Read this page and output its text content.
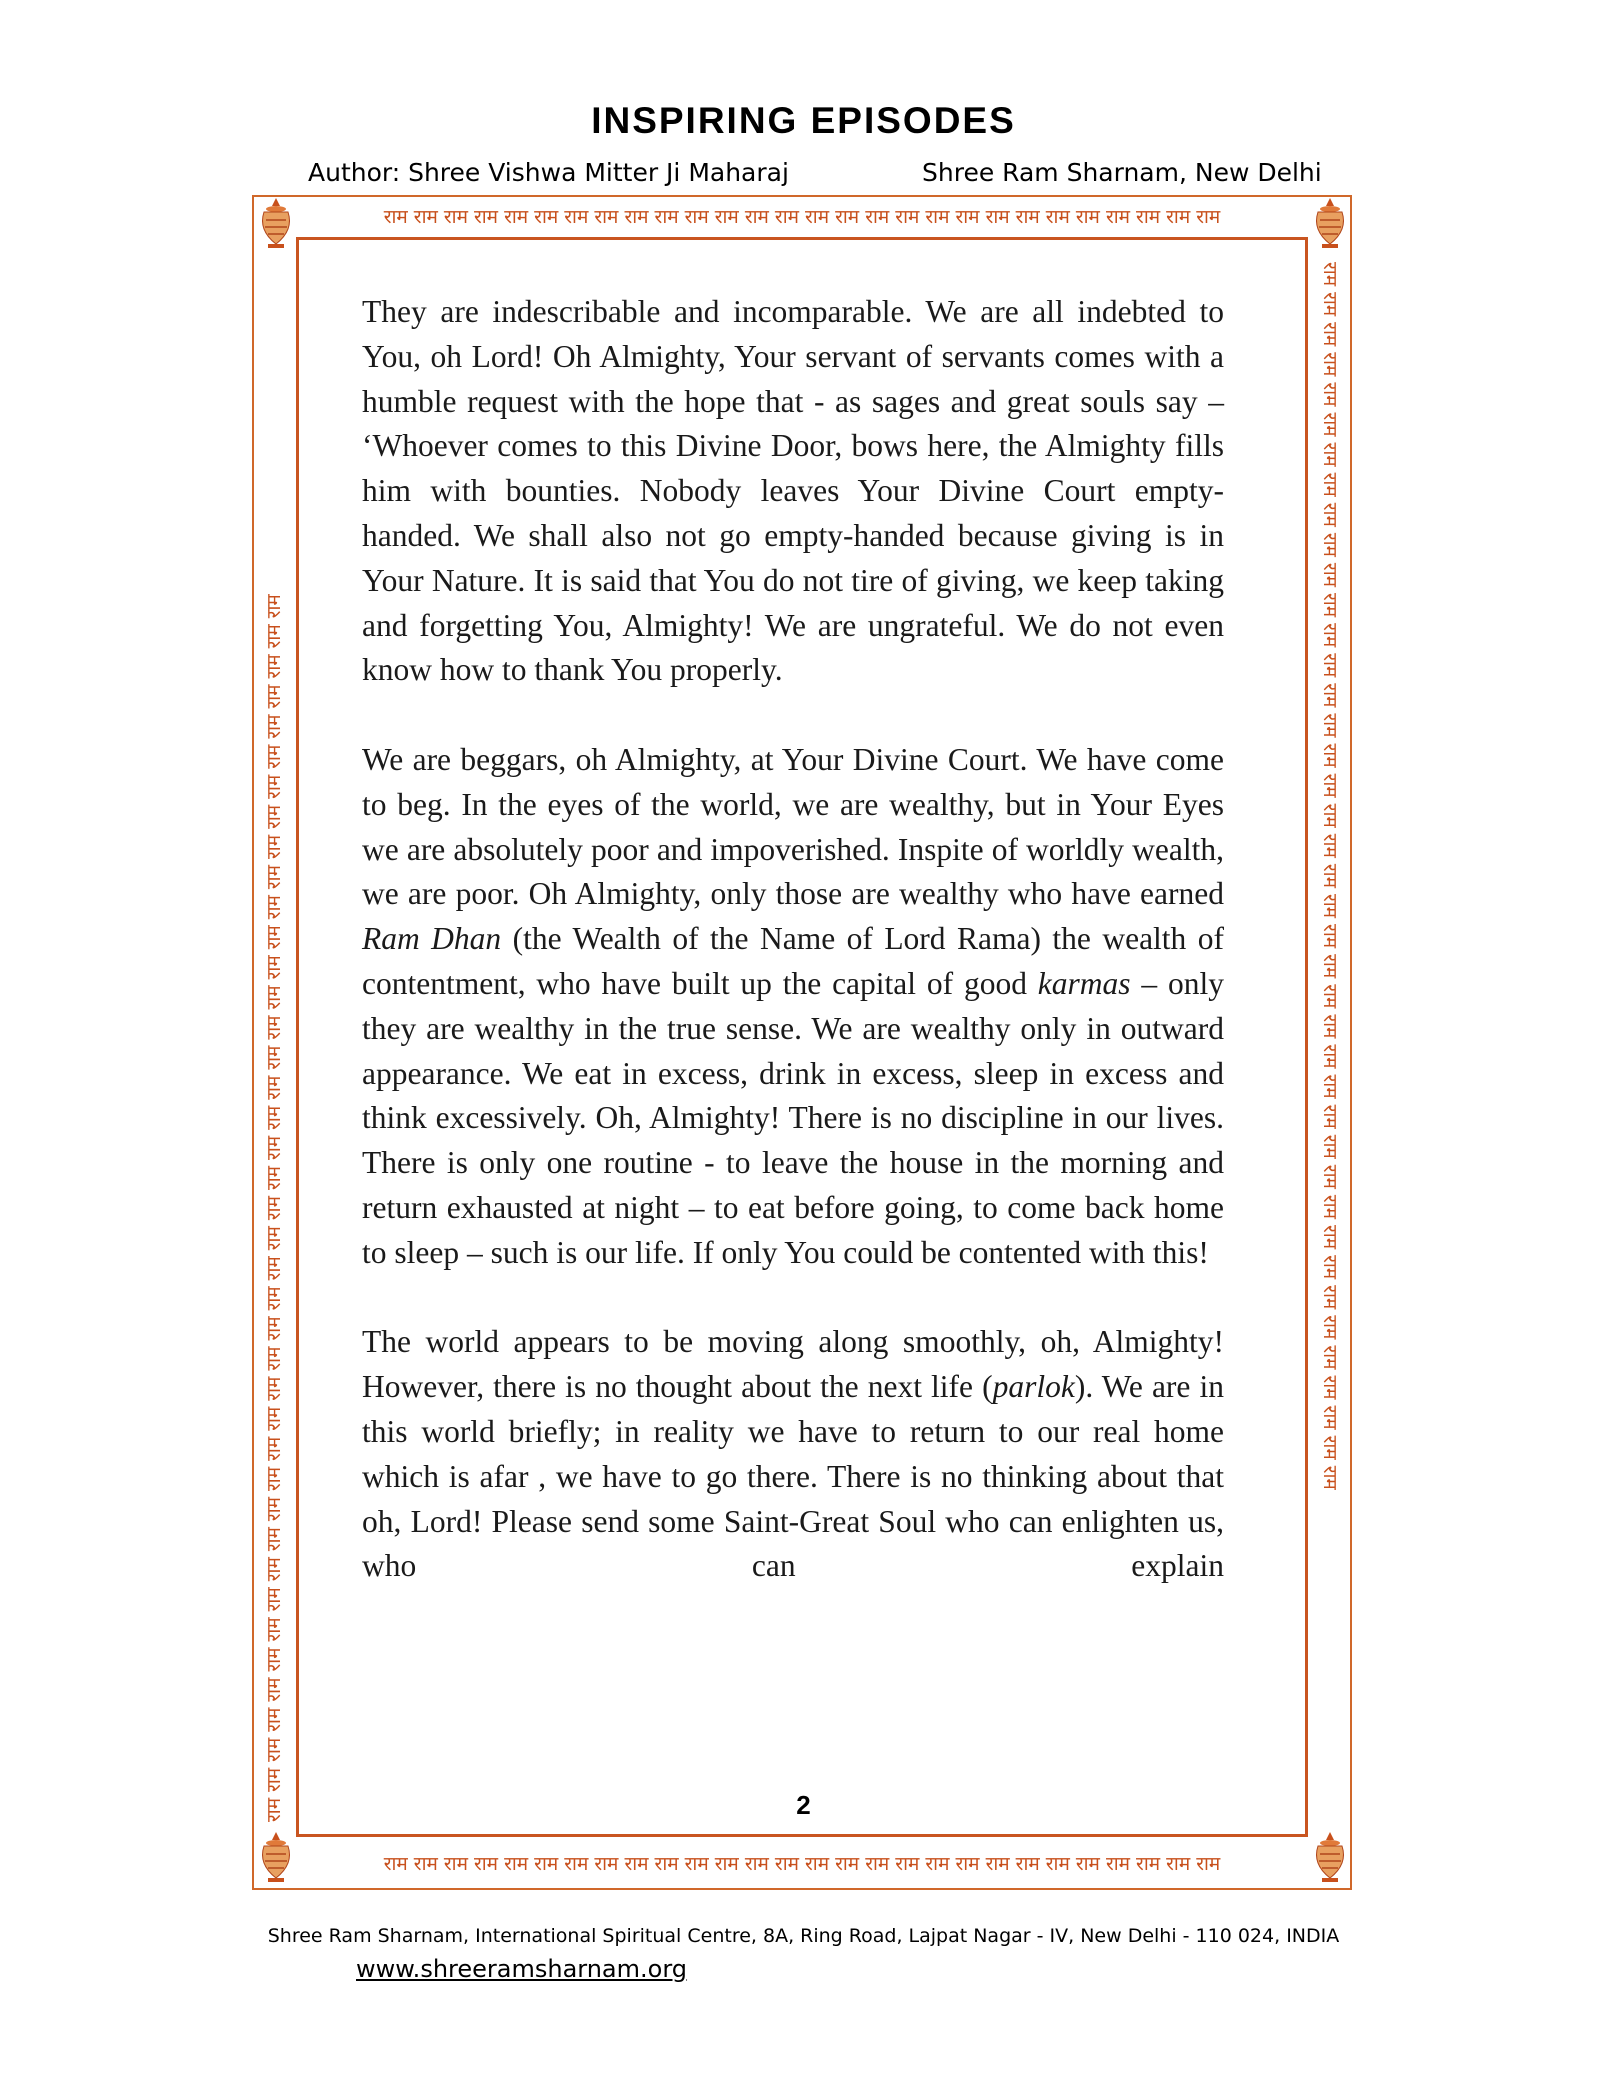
INSPIRING EPISODES
Author: Shree Vishwa Mitter Ji Maharaj	Shree Ram Sharnam, New Delhi
राम राम राम राम राम राम राम राम राम राम राम राम राम राम राम राम राम राम राम राम राम राम राम राम राम राम राम राम
राम राम राम राम राम राम राम राम राम राम राम राम राम राम राम राम राम राम राम राम राम राम राम राम राम राम राम राम
राम राम राम राम राम राम राम राम राम राम राम राम राम राम राम राम राम राम राम राम राम राम राम राम राम राम राम राम राम राम राम राम राम राम राम राम राम राम राम राम राम	राम राम राम राम राम राम राम राम राम राम राम राम राम राम राम राम राम राम राम राम राम राम राम राम राम राम राम राम राम राम राम राम राम राम राम राम राम राम राम राम राम

They are indescribable and incomparable. We are all indebted to You, oh Lord! Oh Almighty, Your servant of servants comes with a humble request with the hope that - as sages and great souls say – ‘Whoever comes to this Divine Door, bows here, the Almighty fills him with bounties. Nobody leaves Your Divine Court empty-handed. We shall also not go empty-handed because giving is in Your Nature. It is said that You do not tire of giving, we keep taking and forgetting You, Almighty! We are ungrateful. We do not even know how to thank You properly.

We are beggars, oh Almighty, at Your Divine Court. We have come to beg. In the eyes of the world, we are wealthy, but in Your Eyes we are absolutely poor and impoverished. Inspite of worldly wealth, we are poor. Oh Almighty, only those are wealthy who have earned Ram Dhan (the Wealth of the Name of Lord Rama) the wealth of contentment, who have built up the capital of good karmas – only they are wealthy in the true sense. We are wealthy only in outward appearance. We eat in excess, drink in excess, sleep in excess and think excessively. Oh, Almighty! There is no discipline in our lives. There is only one routine - to leave the house in the morning and return exhausted at night – to eat before going, to come back home to sleep – such is our life. If only You could be contented with this!

The world appears to be moving along smoothly, oh, Almighty! However, there is no thought about the next life (parlok). We are in this world briefly; in reality we have to return to our real home which is afar , we have to go there. There is no thinking about that oh, Lord! Please send some Saint-Great Soul who can enlighten us, who can explain

2
Shree Ram Sharnam, International Spiritual Centre, 8A, Ring Road, Lajpat Nagar - IV, New Delhi - 110 024, INDIA
www.shreeramsharnam.org
